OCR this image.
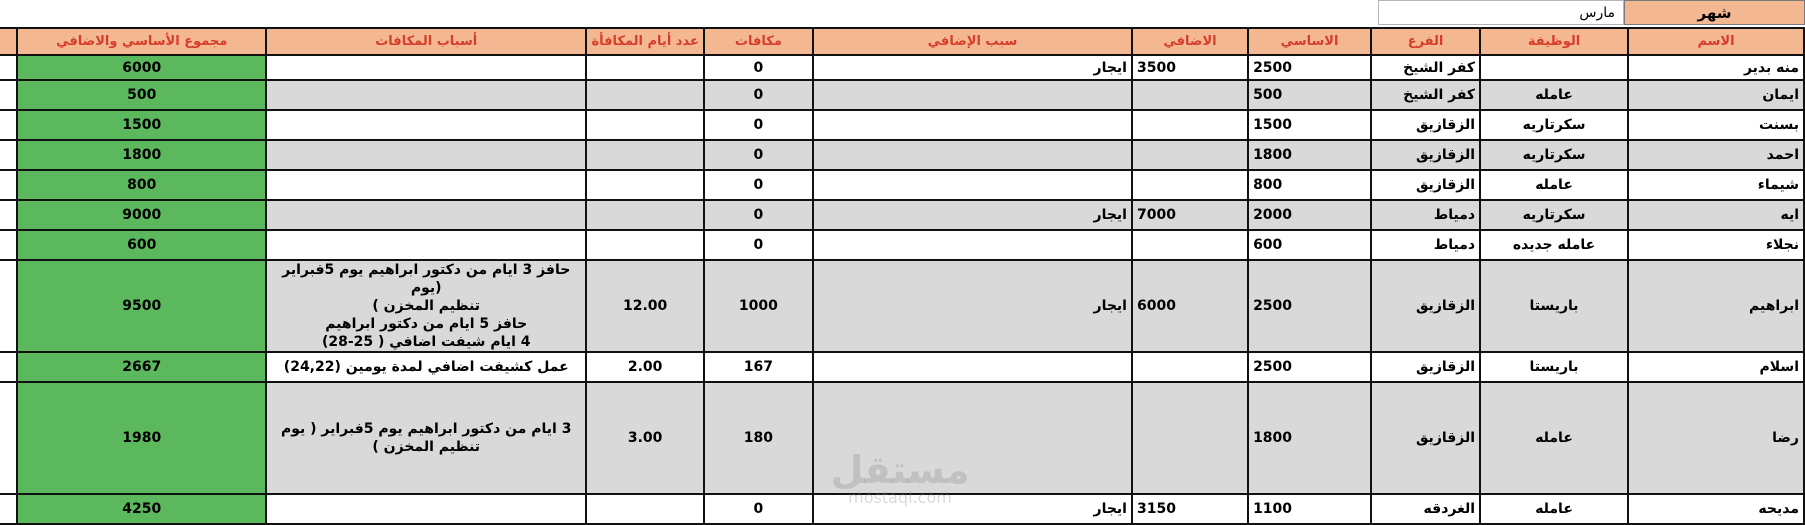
شهر
مارس
الاسم	الوظيفة	الفرع	الاساسي	الاضافي	سبب الإضافي	مكافات	عدد أيام المكافأة	أسباب المكافات	مجموع الأساسي والاضافي	
منه بدير		كفر الشيخ	2500	3500	ايجار	0			6000	
ايمان	عامله	كفر الشيخ	500			0			500	
بسنت	سكرتاريه	الزقازيق	1500			0			1500	
احمد	سكرتاريه	الزقازيق	1800			0			1800	
شيماء	عامله	الزقازيق	800			0			800	
ايه	سكرتاريه	دمياط	2000	7000	ايجار	0			9000	
نجلاء	عامله جديده	دمياط	600			0			600	
ابراهيم	باريستا	الزقازيق	2500	6000	ايجار	1000	12.00	حافز 3 ايام من دكتور ابراهيم يوم 5فبراير (يوم
تنظيم المخزن )
حافز 5 ايام من دكتور ابراهيم
4 ايام شيفت اضافي ( 25-28)	9500	
اسلام	باريستا	الزقازيق	2500			167	2.00	عمل كشيفت اضافي لمدة يومين (24,22)	2667	
رضا	عامله	الزقازيق	1800			180	3.00	3 ايام من دكتور ابراهيم يوم 5فبراير ( يوم تنظيم المخزن )	1980	
مديحه	عامله	الغردقه	1100	3150	ايجار	0			4250	
مستقل
mostaql.com
